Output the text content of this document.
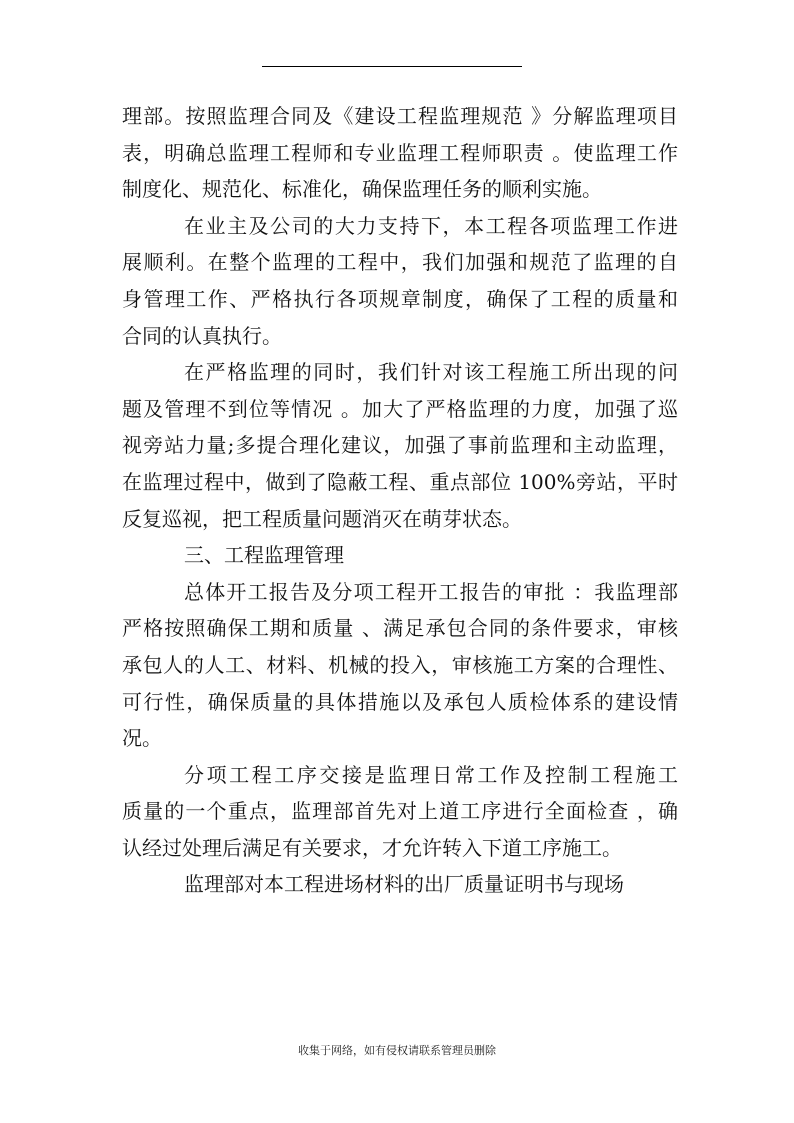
理部。按照监理合同及《建设工程监理规范 》分解监理项目
表，明确总监理工程师和专业监理工程师职责 。使监理工作
制度化、规范化、标准化，确保监理任务的顺利实施。
在业主及公司的大力支持下，本工程各项监理工作进
展顺利。在整个监理的工程中，我们加强和规范了监理的自
身管理工作、严格执行各项规章制度，确保了工程的质量和
合同的认真执行。
在严格监理的同时，我们针对该工程施工所出现的问
题及管理不到位等情况 。加大了严格监理的力度，加强了巡
视旁站力量;多提合理化建议，加强了事前监理和主动监理，
在监理过程中，做到了隐蔽工程、重点部位 100%旁站，平时
反复巡视，把工程质量问题消灭在萌芽状态。
三、工程监理管理
总体开工报告及分项工程开工报告的审批 ：我监理部
严格按照确保工期和质量 、满足承包合同的条件要求，审核
承包人的人工、材料、机械的投入，审核施工方案的合理性、
可行性，确保质量的具体措施以及承包人质检体系的建设情
况。
分项工程工序交接是监理日常工作及控制工程施工
质量的一个重点，监理部首先对上道工序进行全面检查 ，确
认经过处理后满足有关要求，才允许转入下道工序施工。
监理部对本工程进场材料的出厂质量证明书与现场
收集于网络，如有侵权请联系管理员删除
